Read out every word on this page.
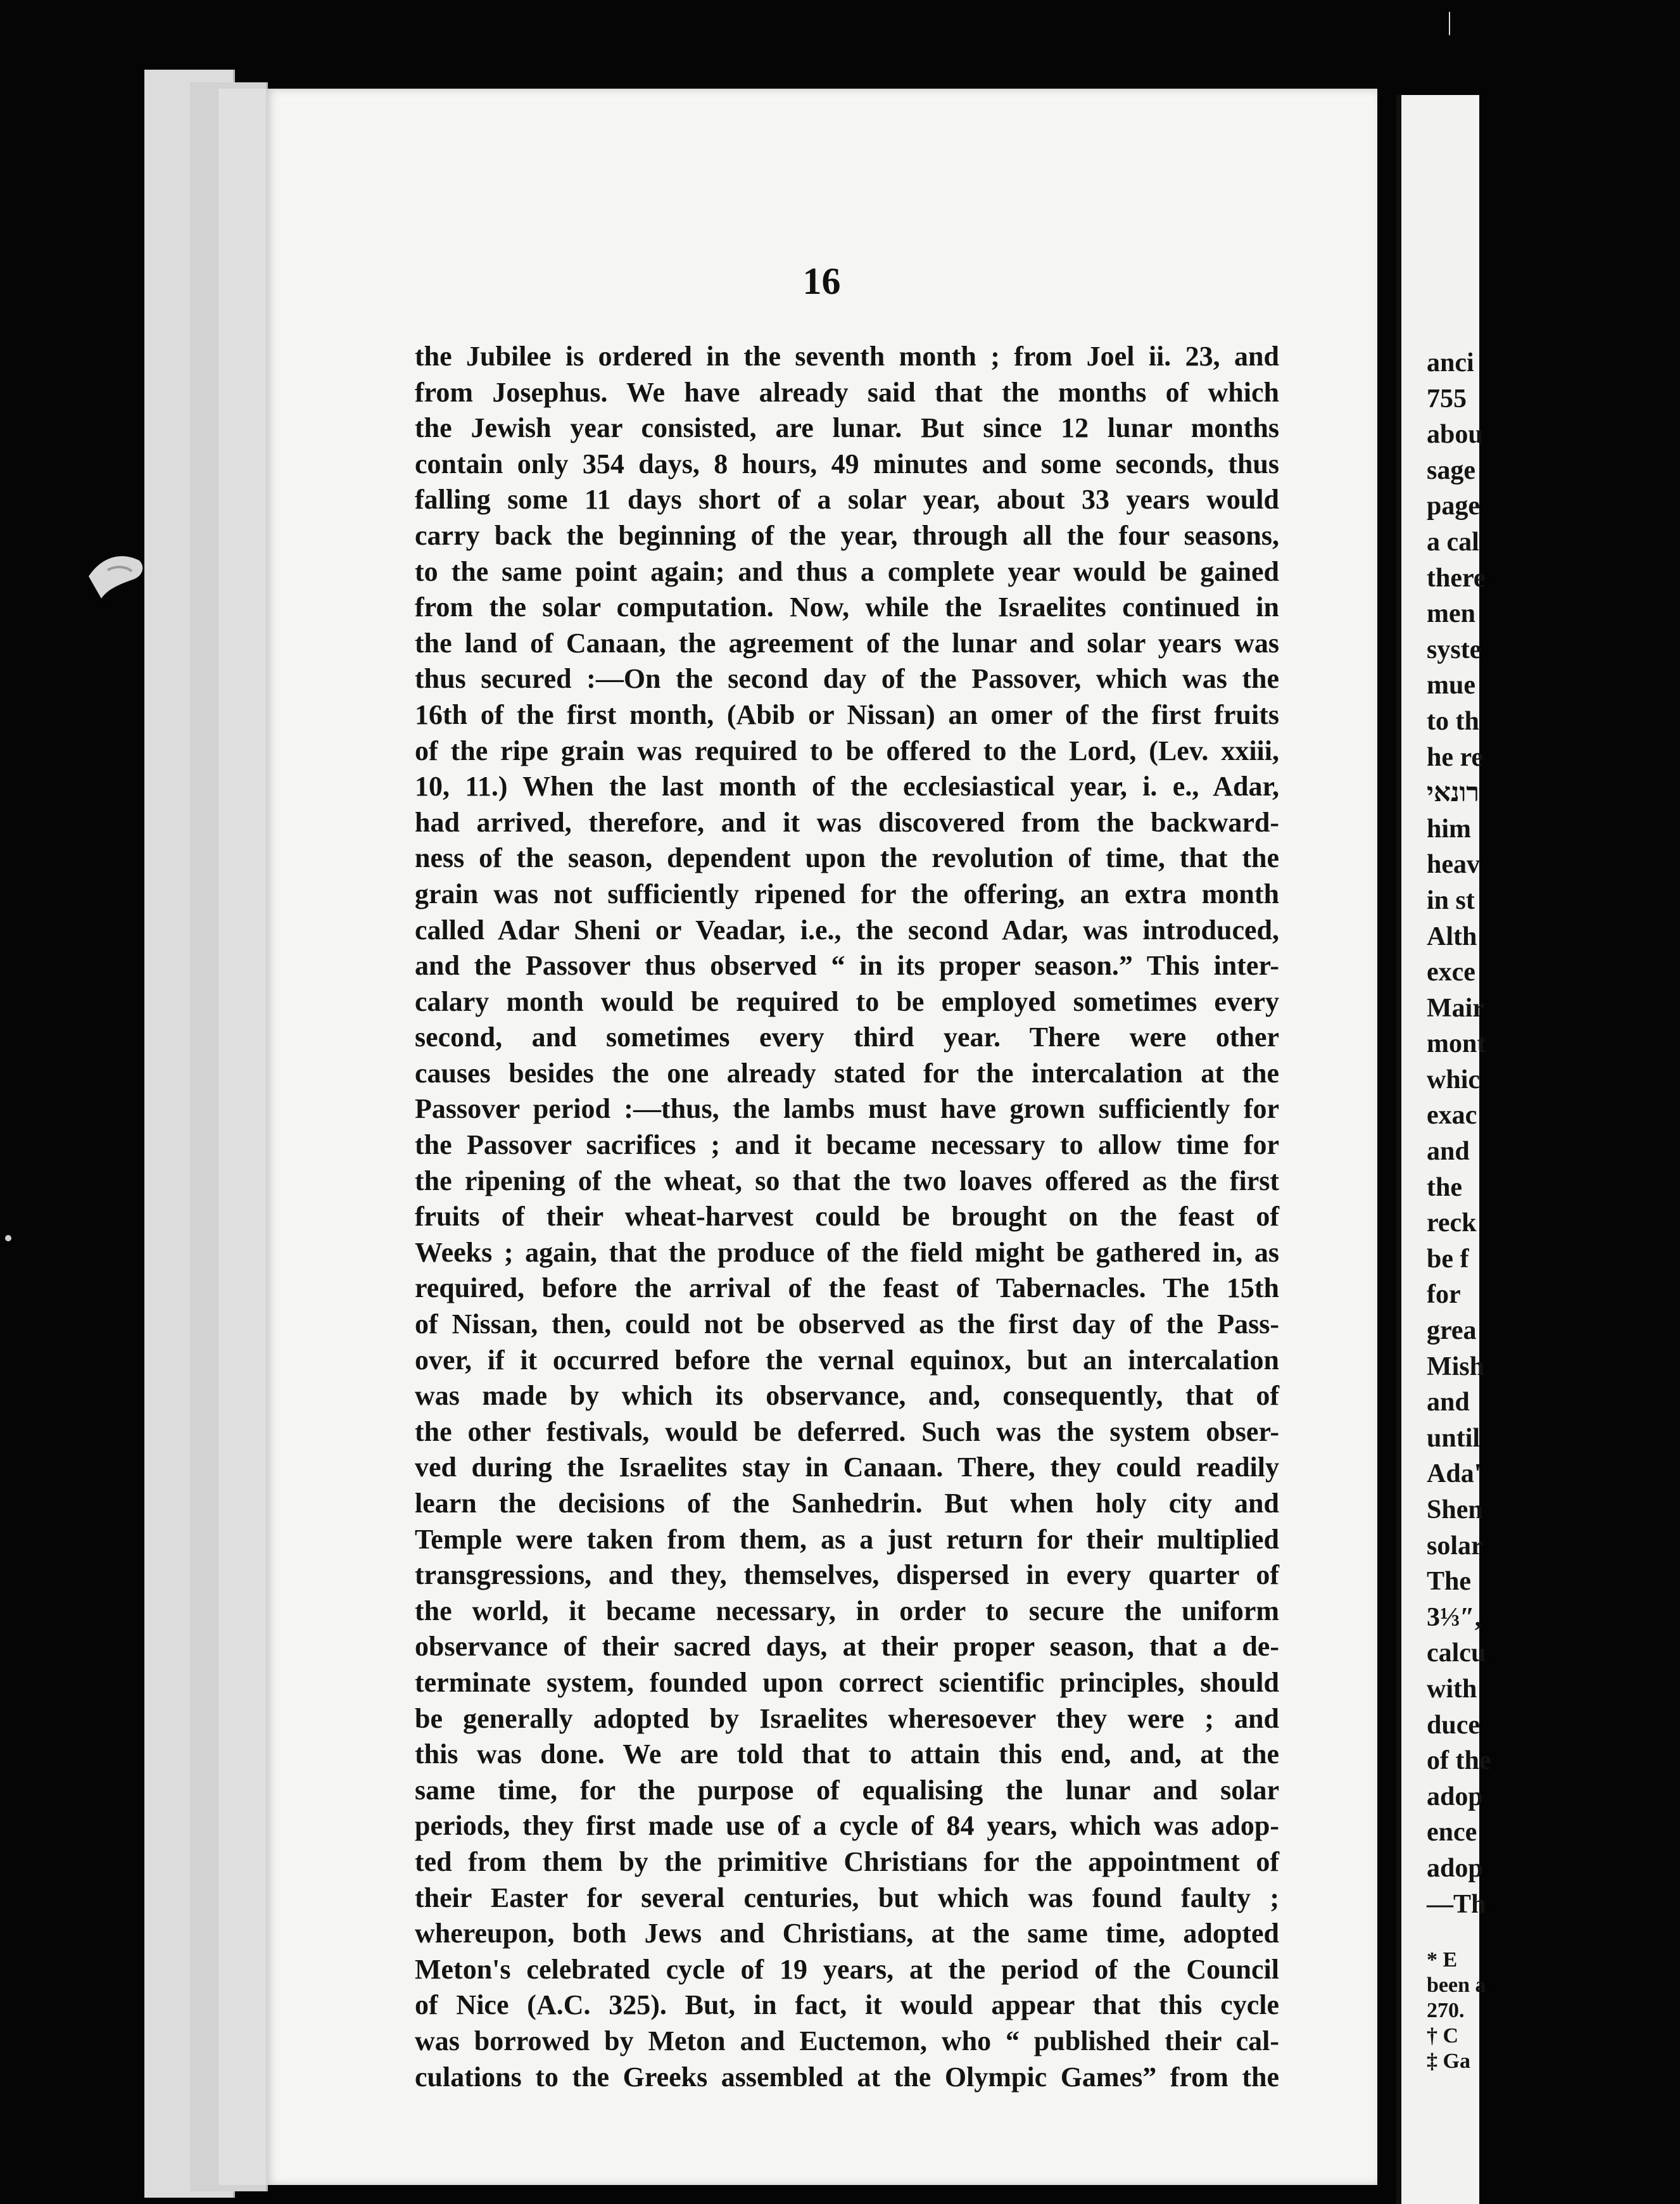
|
16
the Jubilee is ordered in the seventh month ; from Joel ii. 23, and
from Josephus. We have already said that the months of which
the Jewish year consisted, are lunar. But since 12 lunar months
contain only 354 days, 8 hours, 49 minutes and some seconds, thus
falling some 11 days short of a solar year, about 33 years would
carry back the beginning of the year, through all the four seasons,
to the same point again; and thus a complete year would be gained
from the solar computation. Now, while the Israelites continued in
the land of Canaan, the agreement of the lunar and solar years was
thus secured :—On the second day of the Passover, which was the
16th of the first month, (Abib or Nissan) an omer of the first fruits
of the ripe grain was required to be offered to the Lord, (Lev. xxiii,
10, 11.) When the last month of the ecclesiastical year, i. e., Adar,
had arrived, therefore, and it was discovered from the backward-
ness of the season, dependent upon the revolution of time, that the
grain was not sufficiently ripened for the offering, an extra month
called Adar Sheni or Veadar, i.e., the second Adar, was introduced,
and the Passover thus observed “ in its proper season.” This inter-
calary month would be required to be employed sometimes every
second, and sometimes every third year. There were other
causes besides the one already stated for the intercalation at the
Passover period :—thus, the lambs must have grown sufficiently for
the Passover sacrifices ; and it became necessary to allow time for
the ripening of the wheat, so that the two loaves offered as the first
fruits of their wheat-harvest could be brought on the feast of
Weeks ; again, that the produce of the field might be gathered in, as
required, before the arrival of the feast of Tabernacles. The 15th
of Nissan, then, could not be observed as the first day of the Pass-
over, if it occurred before the vernal equinox, but an intercalation
was made by which its observance, and, consequently, that of
the other festivals, would be deferred. Such was the system obser-
ved during the Israelites stay in Canaan. There, they could readily
learn the decisions of the Sanhedrin. But when holy city and
Temple were taken from them, as a just return for their multiplied
transgressions, and they, themselves, dispersed in every quarter of
the world, it became necessary, in order to secure the uniform
observance of their sacred days, at their proper season, that a de-
terminate system, founded upon correct scientific principles, should
be generally adopted by Israelites wheresoever they were ; and
this was done. We are told that to attain this end, and, at the
same time, for the purpose of equalising the lunar and solar
periods, they first made use of a cycle of 84 years, which was adop-
ted from them by the primitive Christians for the appointment of
their Easter for several centuries, but which was found faulty ;
whereupon, both Jews and Christians, at the same time, adopted
Meton's celebrated cycle of 19 years, at the period of the Council
of Nice (A.C. 325). But, in fact, it would appear that this cycle
was borrowed by Meton and Euctemon, who “ published their cal-
culations to the Greeks assembled at the Olympic Games” from the
anci
755
abou
sage
page
a cal
there
men
syste
mue
to th
he re
רונאי
him
heav
in st
Alth
exce
Mair
mont
whic
exac
and
the
reck
be f
for
grea
Mish
and
until
Ada'
Shen
solar
The
3⅓″,
calcu
with
duce
of the
adop
ence
adop
—Th
* E
been a
270.
† C
‡ Ga
